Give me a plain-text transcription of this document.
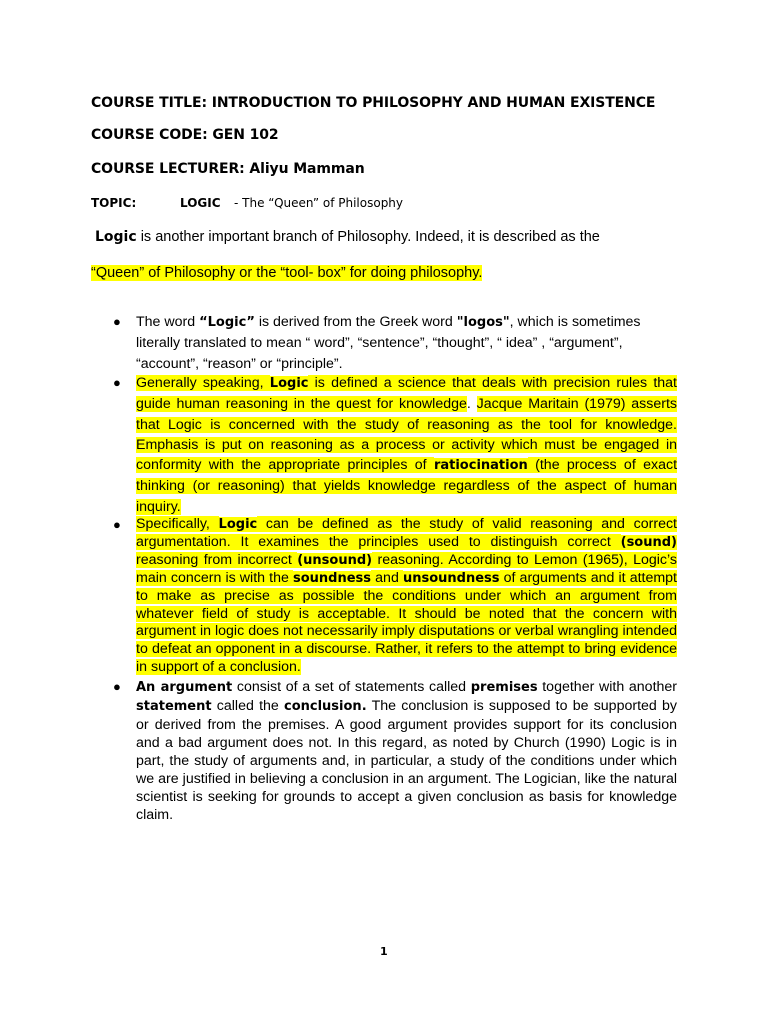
COURSE TITLE: INTRODUCTION TO PHILOSOPHY AND HUMAN EXISTENCE
COURSE CODE: GEN 102
COURSE LECTURER: Aliyu Mamman
TOPIC:	LOGIC - The “Queen” of Philosophy
Logic is another important branch of Philosophy. Indeed, it is described as the
“Queen” of Philosophy or the “tool- box” for doing philosophy.
● The word “Logic” is derived from the Greek word "logos", which is sometimes literally translated to mean “ word”, “sentence”, “thought”, “ idea” , “argument”, “account”, “reason” or “principle”.
● Generally speaking, Logic is defined a science that deals with precision rules that guide human reasoning in the quest for knowledge. Jacque Maritain (1979) asserts that Logic is concerned with the study of reasoning as the tool for knowledge. Emphasis is put on reasoning as a process or activity which must be engaged in conformity with the appropriate principles of ratiocination (the process of exact thinking (or reasoning) that yields knowledge regardless of the aspect of human inquiry.
● Specifically, Logic can be defined as the study of valid reasoning and correct argumentation. It examines the principles used to distinguish correct (sound) reasoning from incorrect (unsound) reasoning. According to Lemon (1965), Logic’s main concern is with the soundness and unsoundness of arguments and it attempt to make as precise as possible the conditions under which an argument from whatever field of study is acceptable. It should be noted that the concern with argument in logic does not necessarily imply disputations or verbal wrangling intended to defeat an opponent in a discourse. Rather, it refers to the attempt to bring evidence in support of a conclusion.
● An argument consist of a set of statements called premises together with another statement called the conclusion. The conclusion is supposed to be supported by or derived from the premises. A good argument provides support for its conclusion and a bad argument does not. In this regard, as noted by Church (1990) Logic is in part, the study of arguments and, in particular, a study of the conditions under which we are justified in believing a conclusion in an argument. The Logician, like the natural scientist is seeking for grounds to accept a given conclusion as basis for knowledge claim.
1
